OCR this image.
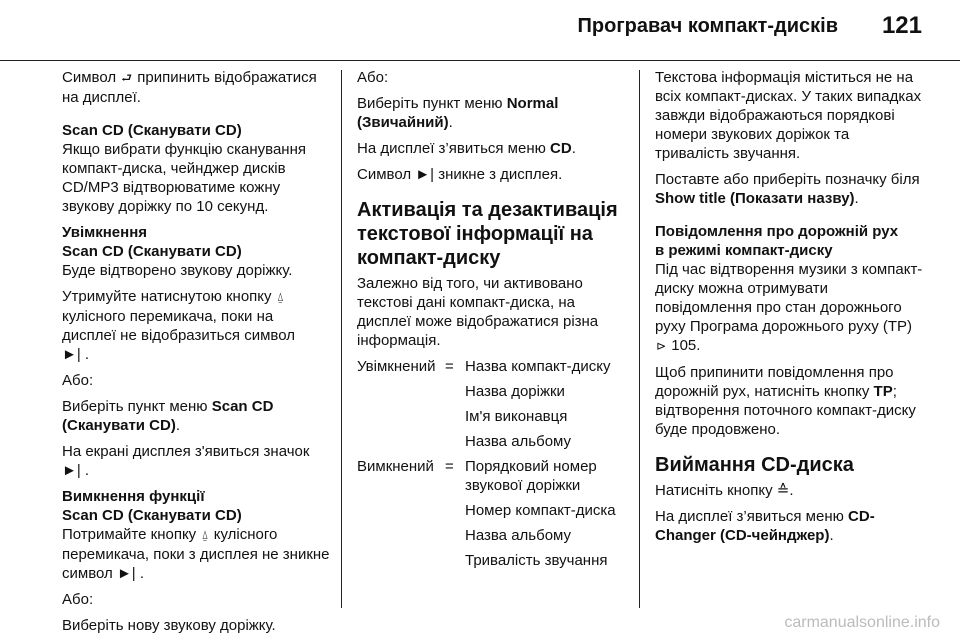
Програвач компакт-дисків 121

Символ ⮐ припинить відображатися на дисплеї.

Scan CD (Сканувати CD)

Якщо вибрати функцію сканування компакт-диска, чейнджер дисків CD/MP3 відтворюватиме кожну звукову доріжку по 10 секунд.

Увімкнення

Scan CD (Сканувати CD)

Буде відтворено звукову доріжку.

Утримуйте натиснутою кнопку ⍙ кулісного перемикача, поки на дисплеї не відобразиться символ
►| .

Або:

Виберіть пункт меню Scan CD (Сканувати CD).

На екрані дисплея з'явиться значок ►| .

Вимкнення функції

Scan CD (Сканувати CD)

Потримайте кнопку ⍙ кулісного перемикача, поки з дисплея не зникне символ ►| .

Або:

Виберіть нову звукову доріжку.

Або:

Виберіть пункт меню Normal (Звичайний).

На дисплеї з’явиться меню CD.

Символ ►| зникне з дисплея.

Активація та дезактивація текстової інформації на компакт-диску

Залежно від того, чи активовано текстові дані компакт-диска, на дисплеї може відображатися різна інформація.

Увімкнений = Назва компакт-диску
Назва доріжки
Ім'я виконавця
Назва альбому
Вимкнений = Порядковий номер звукової доріжки
Номер компакт-диска
Назва альбому
Тривалість звучання

Текстова інформація міститься не на всіх компакт-дисках. У таких випадках завжди відображаються порядкові номери звукових доріжок та тривалість звучання.

Поставте або приберіть позначку біля Show title (Показати назву).

Повідомлення про дорожній рух

в режимі компакт-диску

Під час відтворення музики з компакт-диску можна отримувати повідомлення про стан дорожнього руху Програма дорожнього руху (ТР) ⊳ 105.

Щоб припинити повідомлення про дорожній рух, натисніть кнопку TP; відтворення поточного компакт-диску буде продовжено.

Виймання CD-диска

Натисніть кнопку ≙.

На дисплеї з’явиться меню CD-Changer (CD-чейнджер).

carmanualsonline.info
